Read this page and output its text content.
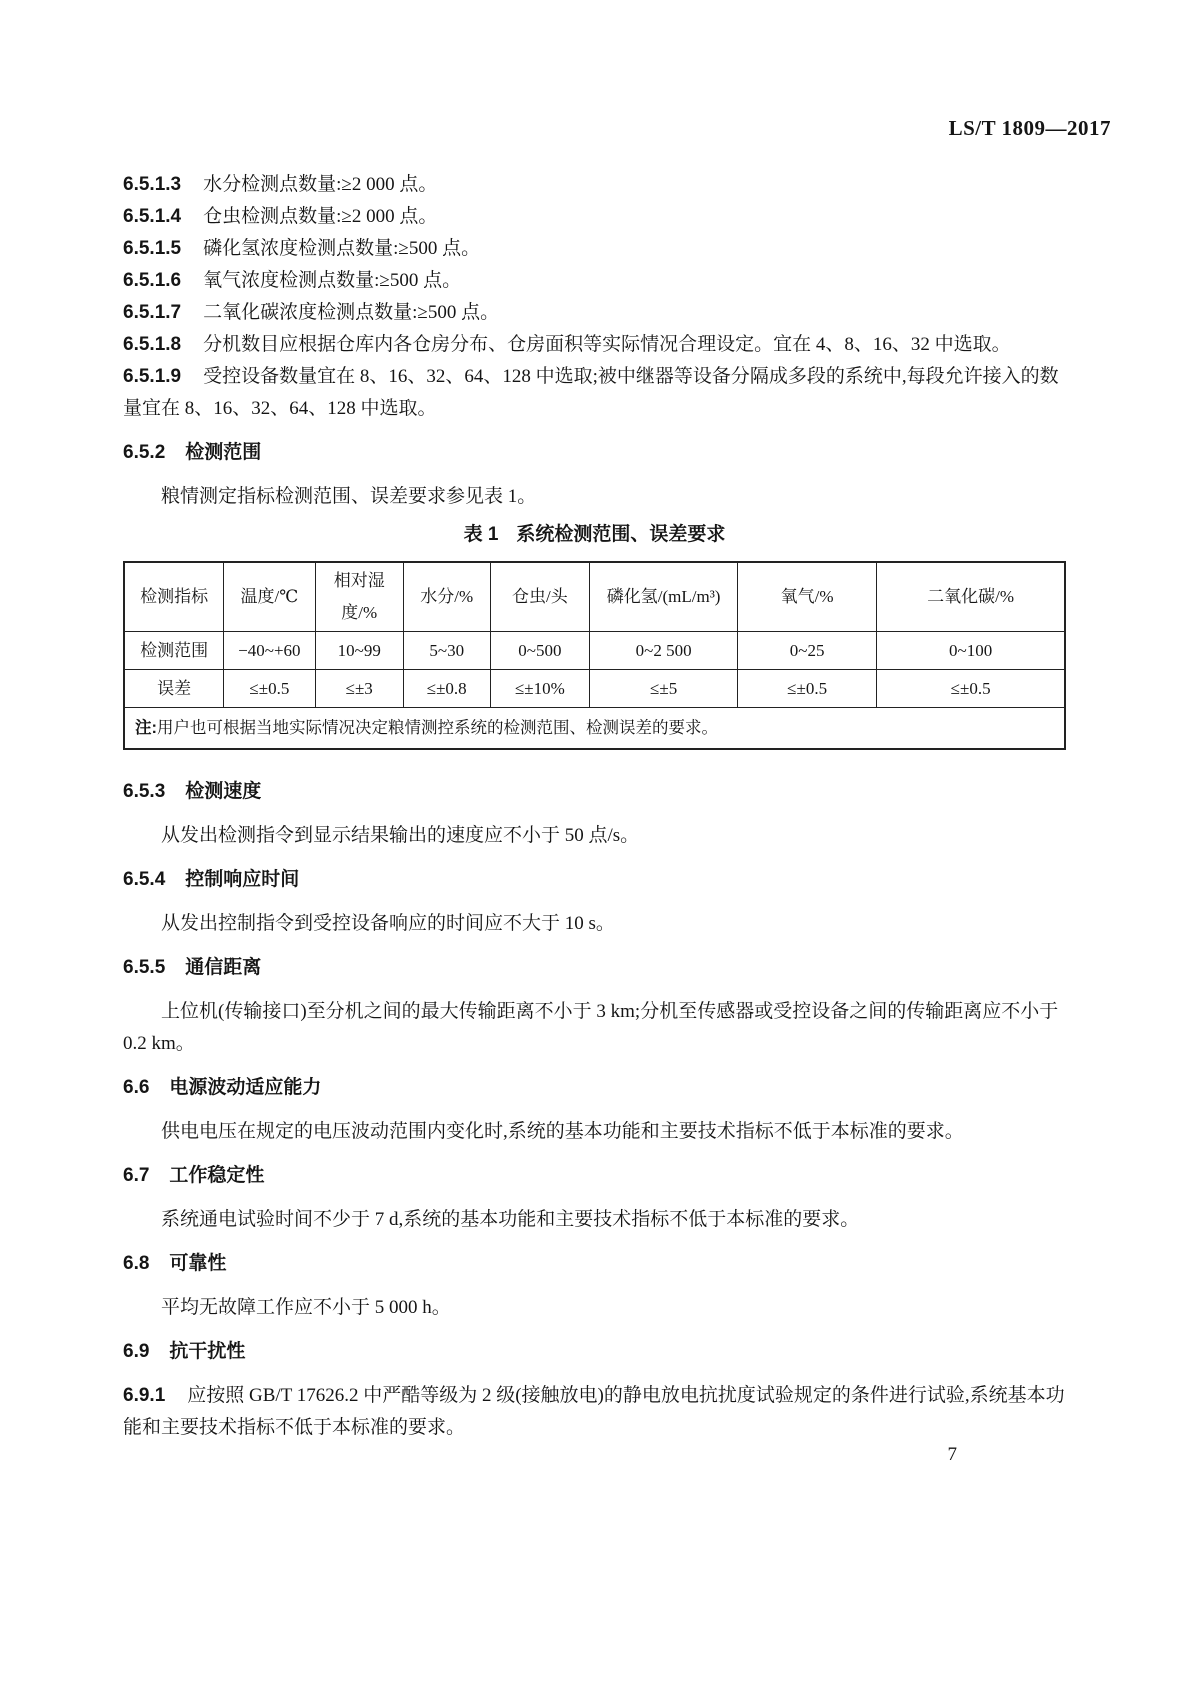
LS/T 1809—2017

6.5.1.3 水分检测点数量:≥2 000 点。

6.5.1.4 仓虫检测点数量:≥2 000 点。

6.5.1.5 磷化氢浓度检测点数量:≥500 点。

6.5.1.6 氧气浓度检测点数量:≥500 点。

6.5.1.7 二氧化碳浓度检测点数量:≥500 点。

6.5.1.8 分机数目应根据仓库内各仓房分布、仓房面积等实际情况合理设定。宜在 4、8、16、32 中选取。

6.5.1.9 受控设备数量宜在 8、16、32、64、128 中选取;被中继器等设备分隔成多段的系统中,每段允许接入的数量宜在 8、16、32、64、128 中选取。

6.5.2 检测范围

粮情测定指标检测范围、误差要求参见表 1。

表 1 系统检测范围、误差要求

检测指标	温度/℃	相对湿度/%	水分/%	仓虫/头	磷化氢/(mL/m³)	氧气/%	二氧化碳/%
检测范围	−40~+60	10~99	5~30	0~500	0~2 500	0~25	0~100
误差	≤±0.5	≤±3	≤±0.8	≤±10%	≤±5	≤±0.5	≤±0.5
注:用户也可根据当地实际情况决定粮情测控系统的检测范围、检测误差的要求。							
6.5.3 检测速度

从发出检测指令到显示结果输出的速度应不小于 50 点/s。

6.5.4 控制响应时间

从发出控制指令到受控设备响应的时间应不大于 10 s。

6.5.5 通信距离

上位机(传输接口)至分机之间的最大传输距离不小于 3 km;分机至传感器或受控设备之间的传输距离应不小于 0.2 km。

6.6 电源波动适应能力

供电电压在规定的电压波动范围内变化时,系统的基本功能和主要技术指标不低于本标准的要求。

6.7 工作稳定性

系统通电试验时间不少于 7 d,系统的基本功能和主要技术指标不低于本标准的要求。

6.8 可靠性

平均无故障工作应不小于 5 000 h。

6.9 抗干扰性

6.9.1 应按照 GB/T 17626.2 中严酷等级为 2 级(接触放电)的静电放电抗扰度试验规定的条件进行试验,系统基本功能和主要技术指标不低于本标准的要求。

7
